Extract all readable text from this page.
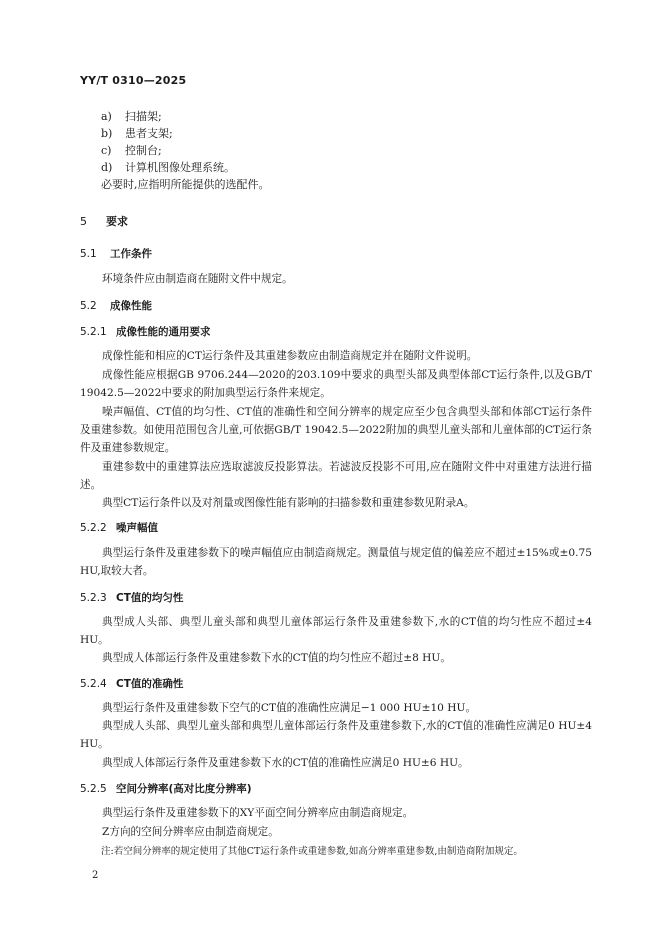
YY/T 0310—2025
a) 扫描架;
b) 患者支架;
c) 控制台;
d) 计算机图像处理系统。
必要时,应指明所能提供的选配件。
5 要求
5.1 工作条件
环境条件应由制造商在随附文件中规定。
5.2 成像性能
5.2.1 成像性能的通用要求
成像性能和相应的CT运行条件及其重建参数应由制造商规定并在随附文件说明。
成像性能应根据GB 9706.244—2020的203.109中要求的典型头部及典型体部CT运行条件,以及GB/T 19042.5—2022中要求的附加典型运行条件来规定。
噪声幅值、CT值的均匀性、CT值的准确性和空间分辨率的规定应至少包含典型头部和体部CT运行条件及重建参数。如使用范围包含儿童,可依据GB/T 19042.5—2022附加的典型儿童头部和儿童体部的CT运行条件及重建参数规定。
重建参数中的重建算法应选取滤波反投影算法。若滤波反投影不可用,应在随附文件中对重建方法进行描述。
典型CT运行条件以及对剂量或图像性能有影响的扫描参数和重建参数见附录A。
5.2.2 噪声幅值
典型运行条件及重建参数下的噪声幅值应由制造商规定。测量值与规定值的偏差应不超过±15%或±0.75 HU,取较大者。
5.2.3 CT值的均匀性
典型成人头部、典型儿童头部和典型儿童体部运行条件及重建参数下,水的CT值的均匀性应不超过±4 HU。
典型成人体部运行条件及重建参数下水的CT值的均匀性应不超过±8 HU。
5.2.4 CT值的准确性
典型运行条件及重建参数下空气的CT值的准确性应满足−1 000 HU±10 HU。
典型成人头部、典型儿童头部和典型儿童体部运行条件及重建参数下,水的CT值的准确性应满足0 HU±4 HU。
典型成人体部运行条件及重建参数下水的CT值的准确性应满足0 HU±6 HU。
5.2.5 空间分辨率(高对比度分辨率)
典型运行条件及重建参数下的XY平面空间分辨率应由制造商规定。
Z方向的空间分辨率应由制造商规定。
注:若空间分辨率的规定使用了其他CT运行条件或重建参数,如高分辨率重建参数,由制造商附加规定。
2
